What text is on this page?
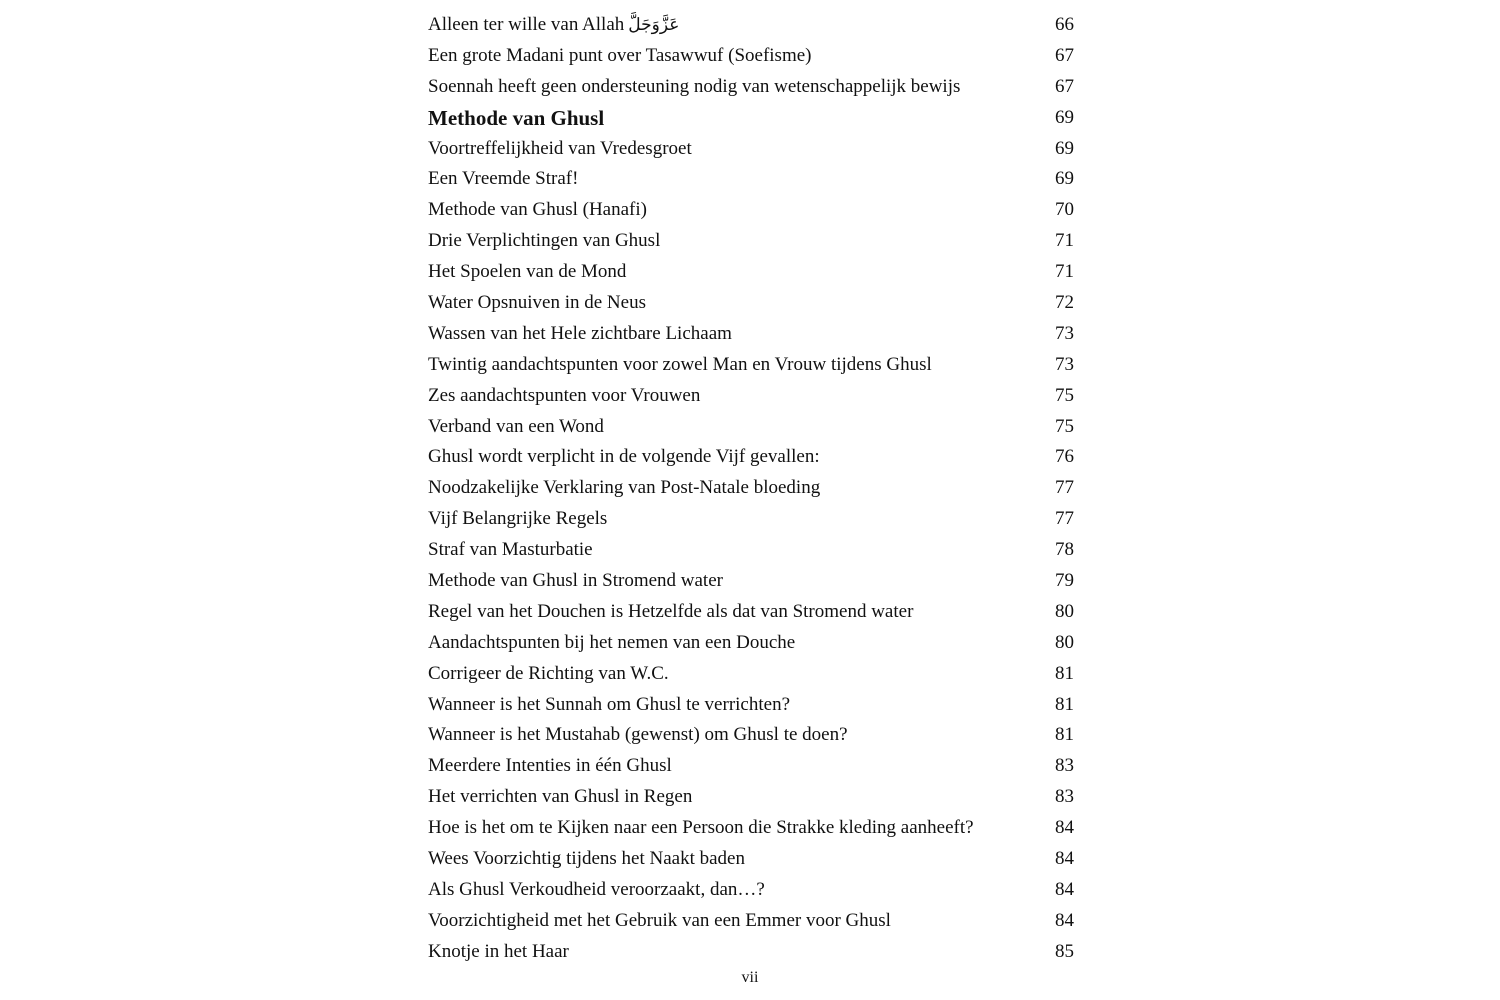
Alleen ter wille van Allah عَزَّوَجَلَّ	66
Een grote Madani punt over Tasawwuf (Soefisme)	67
Soennah heeft geen ondersteuning nodig van wetenschappelijk bewijs	67
Methode van Ghusl	69
Voortreffelijkheid van Vredesgroet	69
Een Vreemde Straf!	69
Methode van Ghusl (Hanafi)	70
Drie Verplichtingen van Ghusl	71
Het Spoelen van de Mond	71
Water Opsnuiven in de Neus	72
Wassen van het Hele zichtbare Lichaam	73
Twintig aandachtspunten voor zowel Man en Vrouw tijdens Ghusl	73
Zes aandachtspunten voor Vrouwen	75
Verband van een Wond	75
Ghusl wordt verplicht in de volgende Vijf gevallen:	76
Noodzakelijke Verklaring van Post-Natale bloeding	77
Vijf Belangrijke Regels	77
Straf van Masturbatie	78
Methode van Ghusl in Stromend water	79
Regel van het Douchen is Hetzelfde als dat van Stromend water	80
Aandachtspunten bij het nemen van een Douche	80
Corrigeer de Richting van W.C.	81
Wanneer is het Sunnah om Ghusl te verrichten?	81
Wanneer is het Mustahab (gewenst) om Ghusl te doen?	81
Meerdere Intenties in één Ghusl	83
Het verrichten van Ghusl in Regen	83
Hoe is het om te Kijken naar een Persoon die Strakke kleding aanheeft?	84
Wees Voorzichtig tijdens het Naakt baden	84
Als Ghusl Verkoudheid veroorzaakt, dan…?	84
Voorzichtigheid met het Gebruik van een Emmer voor Ghusl	84
Knotje in het Haar	85
vii
